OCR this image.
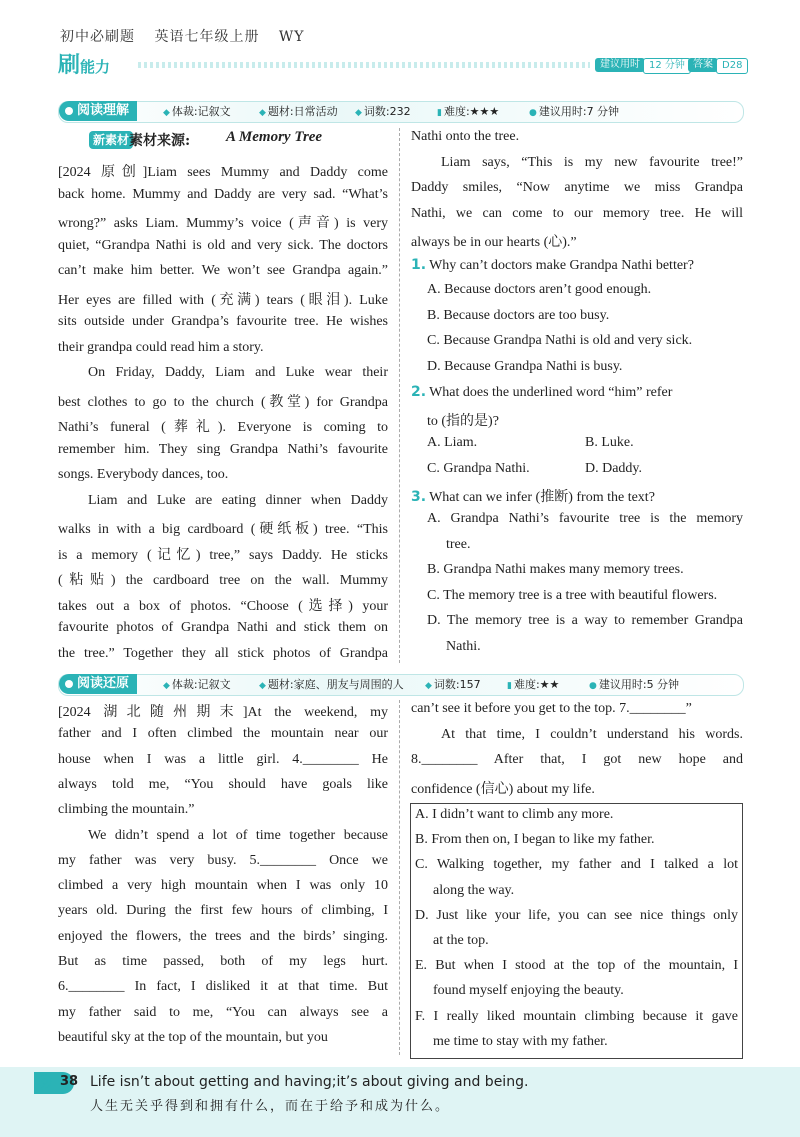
初中必刷题 英语七年级上册 WY
刷能力	建议用时 12 分钟 答案 D28
阅读理解	◆ 体裁:记叙文	◆ 题材:日常活动 ◆ 词数:232	▮ 难度:★★★	● 建议用时:7 分钟
新素材 素材来源: A Memory Tree
[2024 原创]Liam sees Mummy and Daddy come
back home. Mummy and Daddy are very sad. “What’s
wrong?” asks Liam. Mummy’s voice (声音) is very
quiet, “Grandpa Nathi is old and very sick. The doctors
can’t make him better. We won’t see Grandpa again.”
Her eyes are filled with (充满) tears (眼泪). Luke
sits outside under Grandpa’s favourite tree. He wishes
their grandpa could read him a story.
On Friday, Daddy, Liam and Luke wear their
best clothes to go to the church (教堂) for Grandpa
Nathi’s funeral (葬礼). Everyone is coming to
remember him. They sing Grandpa Nathi’s favourite
songs. Everybody dances, too.
Liam and Luke are eating dinner when Daddy
walks in with a big cardboard (硬纸板) tree. “This
is a memory (记忆) tree,” says Daddy. He sticks
(粘贴) the cardboard tree on the wall. Mummy
takes out a box of photos. “Choose (选择) your
favourite photos of Grandpa Nathi and stick them on
the tree.” Together they all stick photos of Grandpa
Nathi onto the tree.
Liam says, “This is my new favourite tree!”
Daddy smiles, “Now anytime we miss Grandpa
Nathi, we can come to our memory tree. He will
always be in our hearts (心).”
1. Why can’t doctors make Grandpa Nathi better?
A. Because doctors aren’t good enough.
B. Because doctors are too busy.
C. Because Grandpa Nathi is old and very sick.
D. Because Grandpa Nathi is busy.
2. What does the underlined word “him” refer
to (指的是)?
A. Liam.	B. Luke.
C. Grandpa Nathi.	D. Daddy.
3. What can we infer (推断) from the text?
A. Grandpa Nathi’s favourite tree is the memory
tree.
B. Grandpa Nathi makes many memory trees.
C. The memory tree is a tree with beautiful flowers.
D. The memory tree is a way to remember Grandpa
Nathi.
阅读还原	◆ 体裁:记叙文	◆ 题材:家庭、朋友与周围的人 ◆ 词数:157	▮ 难度:★★	● 建议用时:5 分钟
[2024 湖北随州期末]At the weekend, my
father and I often climbed the mountain near our
house when I was a little girl. 4.________ He
always told me, “You should have goals like
climbing the mountain.”
We didn’t spend a lot of time together because
my father was very busy. 5.________ Once we
climbed a very high mountain when I was only 10
years old. During the first few hours of climbing, I
enjoyed the flowers, the trees and the birds’ singing.
But as time passed, both of my legs hurt.
6.________ In fact, I disliked it at that time. But
my father said to me, “You can always see a
beautiful sky at the top of the mountain, but you
can’t see it before you get to the top. 7.________”
At that time, I couldn’t understand his words.
8.________ After that, I got new hope and
confidence (信心) about my life.
A. I didn’t want to climb any more.
B. From then on, I began to like my father.
C. Walking together, my father and I talked a lot
along the way.
D. Just like your life, you can see nice things only
at the top.
E. But when I stood at the top of the mountain, I
found myself enjoying the beauty.
F. I really liked mountain climbing because it gave
me time to stay with my father.
◎ 38 Life isn’t about getting and having;it’s about giving and being.
人生无关乎得到和拥有什么，而在于给予和成为什么。
